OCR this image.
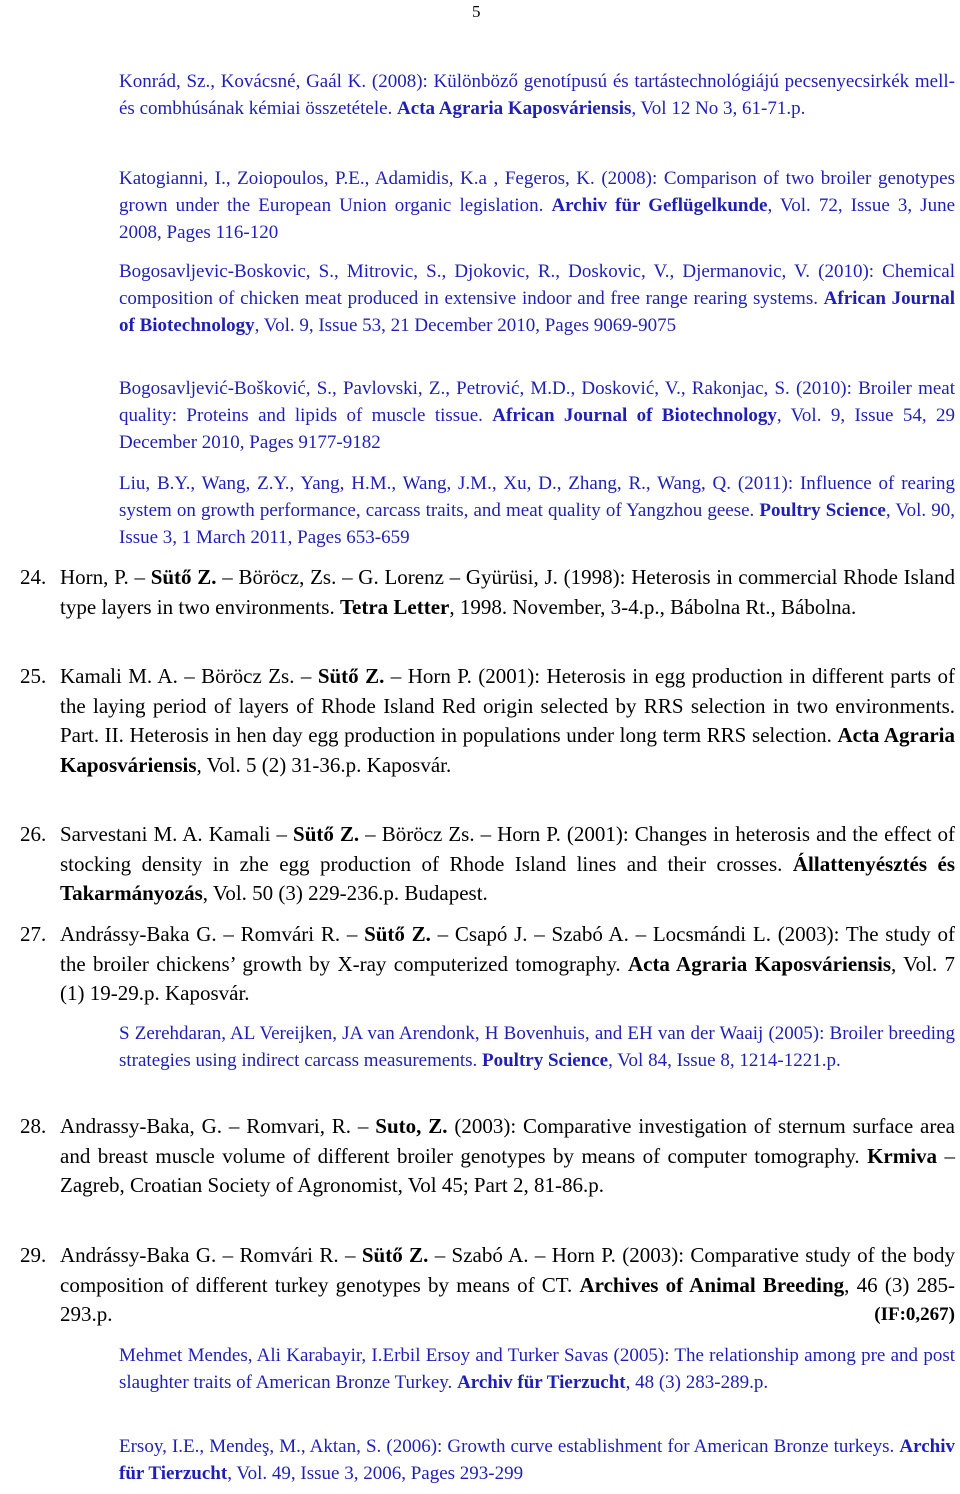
5
Konrád, Sz., Kovácsné, Gaál K. (2008): Különböző genotípusú és tartástechnológiájú pecsenyecsirkék mell- és combhúsának kémiai összetétele. Acta Agraria Kaposváriensis, Vol 12 No 3, 61-71.p.
Katogianni, I., Zoiopoulos, P.E., Adamidis, K.a , Fegeros, K. (2008): Comparison of two broiler genotypes grown under the European Union organic legislation. Archiv für Geflügelkunde, Vol. 72, Issue 3, June 2008, Pages 116-120
Bogosavljevic-Boskovic, S., Mitrovic, S., Djokovic, R., Doskovic, V., Djermanovic, V. (2010): Chemical composition of chicken meat produced in extensive indoor and free range rearing systems. African Journal of Biotechnology, Vol. 9, Issue 53, 21 December 2010, Pages 9069-9075
Bogosavljević-Bošković, S., Pavlovski, Z., Petrović, M.D., Dosković, V., Rakonjac, S. (2010): Broiler meat quality: Proteins and lipids of muscle tissue. African Journal of Biotechnology, Vol. 9, Issue 54, 29 December 2010, Pages 9177-9182
Liu, B.Y., Wang, Z.Y., Yang, H.M., Wang, J.M., Xu, D., Zhang, R., Wang, Q. (2011): Influence of rearing system on growth performance, carcass traits, and meat quality of Yangzhou geese. Poultry Science, Vol. 90, Issue 3, 1 March 2011, Pages 653-659
24. Horn, P. – Sütő Z. – Böröcz, Zs. – G. Lorenz – Gyürüsi, J. (1998): Heterosis in commercial Rhode Island type layers in two environments. Tetra Letter, 1998. November, 3-4.p., Bábolna Rt., Bábolna.
25. Kamali M. A. – Böröcz Zs. – Sütő Z. – Horn P. (2001): Heterosis in egg production in different parts of the laying period of layers of Rhode Island Red origin selected by RRS selection in two environments. Part. II. Heterosis in hen day egg production in populations under long term RRS selection. Acta Agraria Kaposváriensis, Vol. 5 (2) 31-36.p. Kaposvár.
26. Sarvestani M. A. Kamali – Sütő Z. – Böröcz Zs. – Horn P. (2001): Changes in heterosis and the effect of stocking density in zhe egg production of Rhode Island lines and their crosses. Állattenyésztés és Takarmányozás, Vol. 50 (3) 229-236.p. Budapest.
27. Andrássy-Baka G. – Romvári R. – Sütő Z. – Csapó J. – Szabó A. – Locsmándi L. (2003): The study of the broiler chickens’ growth by X-ray computerized tomography. Acta Agraria Kaposváriensis, Vol. 7 (1) 19-29.p. Kaposvár.
S Zerehdaran, AL Vereijken, JA van Arendonk, H Bovenhuis, and EH van der Waaij (2005): Broiler breeding strategies using indirect carcass measurements. Poultry Science, Vol 84, Issue 8, 1214-1221.p.
28. Andrassy-Baka, G. – Romvari, R. – Suto, Z. (2003): Comparative investigation of sternum surface area and breast muscle volume of different broiler genotypes by means of computer tomography. Krmiva – Zagreb, Croatian Society of Agronomist, Vol 45; Part 2, 81-86.p.
29. Andrássy-Baka G. – Romvári R. – Sütő Z. – Szabó A. – Horn P. (2003): Comparative study of the body composition of different turkey genotypes by means of CT. Archives of Animal Breeding, 46 (3) 285-293.p.	(IF:0,267)
Mehmet Mendes, Ali Karabayir, I.Erbil Ersoy and Turker Savas (2005): The relationship among pre and post slaughter traits of American Bronze Turkey. Archiv für Tierzucht, 48 (3) 283-289.p.
Ersoy, I.E., Mendeş, M., Aktan, S. (2006): Growth curve establishment for American Bronze turkeys. Archiv für Tierzucht, Vol. 49, Issue 3, 2006, Pages 293-299
